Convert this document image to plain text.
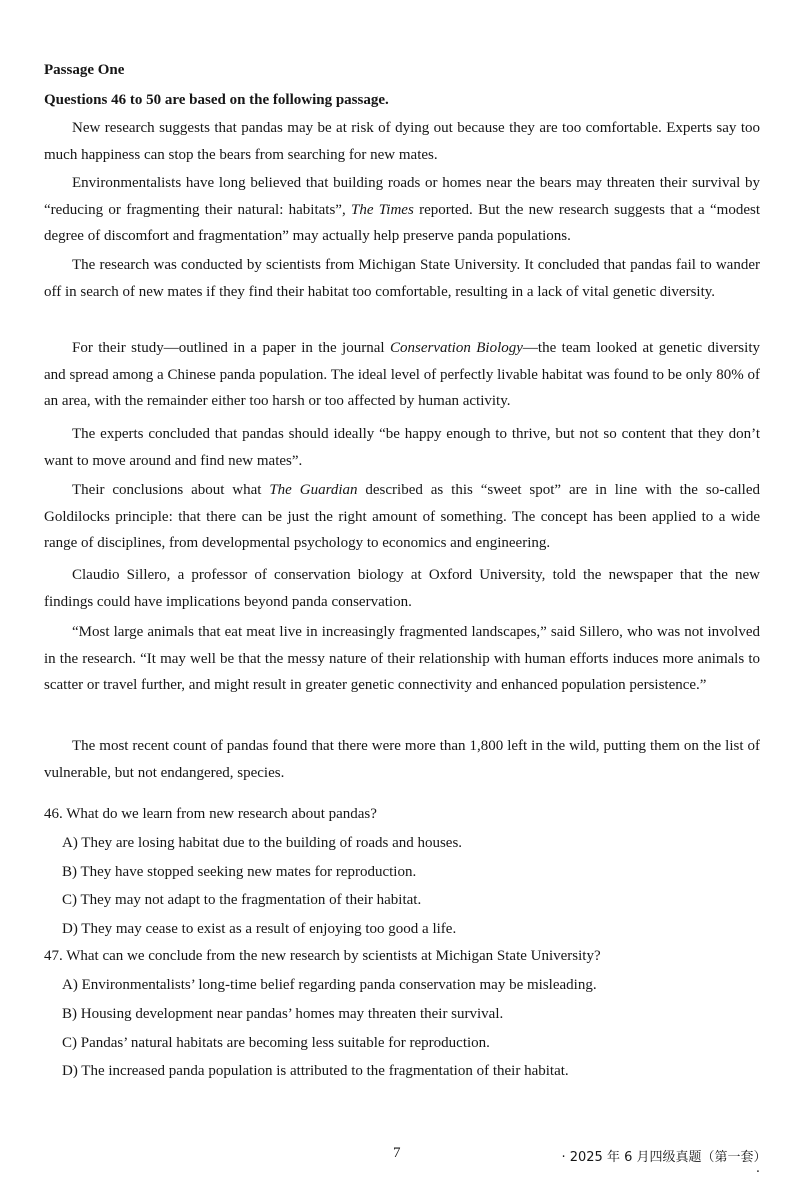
Passage One

Questions 46 to 50 are based on the following passage.

New research suggests that pandas may be at risk of dying out because they are too comfortable. Experts say too much happiness can stop the bears from searching for new mates.

Environmentalists have long believed that building roads or homes near the bears may threaten their survival by “reducing or fragmenting their natural: habitats”, The Times reported. But the new research suggests that a “modest degree of discomfort and fragmentation” may actually help preserve panda populations.

The research was conducted by scientists from Michigan State University. It concluded that pandas fail to wander off in search of new mates if they find their habitat too comfortable, resulting in a lack of vital genetic diversity.

For their study—outlined in a paper in the journal Conservation Biology—the team looked at genetic diversity and spread among a Chinese panda population. The ideal level of perfectly livable habitat was found to be only 80% of an area, with the remainder either too harsh or too affected by human activity.

The experts concluded that pandas should ideally “be happy enough to thrive, but not so content that they don’t want to move around and find new mates”.

Their conclusions about what The Guardian described as this “sweet spot” are in line with the so-called Goldilocks principle: that there can be just the right amount of something. The concept has been applied to a wide range of disciplines, from developmental psychology to economics and engineering.

Claudio Sillero, a professor of conservation biology at Oxford University, told the newspaper that the new findings could have implications beyond panda conservation.

“Most large animals that eat meat live in increasingly fragmented landscapes,” said Sillero, who was not involved in the research. “It may well be that the messy nature of their relationship with human efforts induces more animals to scatter or travel further, and might result in greater genetic connectivity and enhanced population persistence.”

The most recent count of pandas found that there were more than 1,800 left in the wild, putting them on the list of vulnerable, but not endangered, species.

46. What do we learn from new research about pandas?

A) They are losing habitat due to the building of roads and houses.

B) They have stopped seeking new mates for reproduction.

C) They may not adapt to the fragmentation of their habitat.

D) They may cease to exist as a result of enjoying too good a life.

47. What can we conclude from the new research by scientists at Michigan State University?

A) Environmentalists’ long-time belief regarding panda conservation may be misleading.

B) Housing development near pandas’ homes may threaten their survival.

C) Pandas’ natural habitats are becoming less suitable for reproduction.

D) The increased panda population is attributed to the fragmentation of their habitat.

7	· 2025 年 6 月四级真题（第一套）·
